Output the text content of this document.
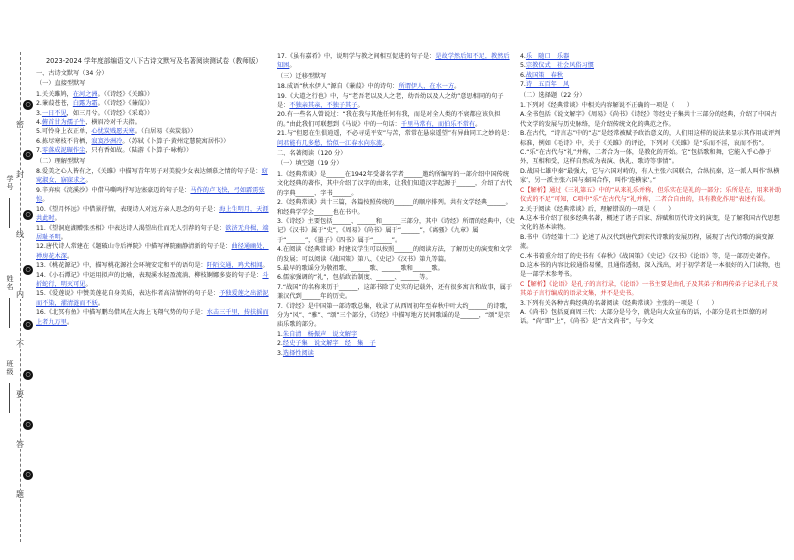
密
封
线
内
不
要
答
题
○
○
○
○
○
○
○
○
学号
姓名
班级
2023-2024 学年度部编语文八下古诗文默写及名著阅读测试卷（教师版）

一、古诗文默写（34 分）

（一）直接型默写

1.关关雎鸠，在河之洲。（《诗经》《关雎》）

2.蒹葭苍苍，白露为霜。（《诗经》《蒹葭》）

3.一日不见，如三月兮。（《诗经》《采葛》）

4.俯首甘为孺子牛，横眉冷对千夫指。

5.可怜身上衣正单，心忧炭贱愿天寒。（白居易《卖炭翁》）

6.拣尽寒枝不肯栖，寂寞沙洲冷。（苏轼《卜算子·黄州定慧院寓居作》）

7.零落成泥碾作尘，只有香如故。（陆游《卜算子·咏梅》）

（二）理解型默写

8.爱美之心人皆有之，《关雎》中描写青年男子对美貌少女表达倾慕之情的句子是：窈窕淑女，寤寐求之。

9.辛弃疾《浣溪沙》中借马嘶鸣抒写边塞豪迈的句子是：马作的卢飞快，弓如霹雳弦惊。

10.《望月怀远》中借景抒情，表现诗人对远方亲人思念的句子是：海上生明月，天涯共此时。

11.《望洞庭湖赠张丞相》中表达诗人渴望出仕而无人引荐的句子是：欲济无舟楫，端居耻圣明。

12.唐代诗人常建在《题破山寺后禅院》中描写禅院幽静清新的句子是：曲径通幽处，禅房花木深。

13.《桃花源记》中，描写桃花源社会环境安定和平的语句是：阡陌交通，鸡犬相闻。

14.《小石潭记》中运用拟声的比喻，表现溪水轻盈流淌、柳枝婀娜多姿的句子是：斗折蛇行，明灭可见。

15.《爱莲说》中赞美莲花自身美质，表达作者高洁情怀的句子是：予独爱莲之出淤泥而不染，濯清涟而不妖。

16.《北冥有鱼》中描写鹏鸟借风在大海上飞翔气势的句子是：水击三千里，抟扶摇而上者九万里。

17.《虽有嘉肴》中，说明学与教之间相互促进的句子是：是故学然后知不足，教然后知困。

（三）迁移型默写

18.成语“秋水伊人”源自《蒹葭》中的诗句：所谓伊人，在水一方。

19.《大道之行也》中，与“老吾老以及人之老，幼吾幼以及人之幼”意思相同的句子是：不独亲其亲，不独子其子。

20.有一些名人曾说过：“我在我与其他任何有我，而是对全人类的不衰都应该负担的。”由此我们可联想到《马说》中的一句话：千里马常有，而伯乐不常有。

21.与“但愿在生俱逍遥，不必寻觅平安”与苦，常常在悬泉遥望”有异曲同工之妙的是：问君能有几多愁，恰似一江春水向东流。

二、名著阅读（120 分）

（一）填空题（19 分）

1.《经典常谈》是______在1942年受著名学者______邀约所编写的一部介绍中国传统文化经典的著作，其中介绍了汉字的由来，让我们知道汉字起源于______，介绍了古代的字典______、字书______。

2.《经典常谈》共十三篇，各篇按照传统的______的顺序排列。共有文学经典______。和经典学学会______也在书中。

3.《诗经》主要包括______、______和______三部分，其中《诗经》所谓的经典中，《史记》《汉书》属于“史”，《周易》《尚书》属于“______”，《离骚》《九章》属于“______”，《墨子》《四书》属于“______”。

4.在阅读《经典常谈》时建议学生可以按照______的阅读方法，了解历史的演变和文学的发展；可以阅读《战国策》第八、《史记》《汉书》第九等篇。

5.最早的歌谣分为敬祖歌、______歌、______歌和______歌。

6.儒家强调的“礼”，包括政治制度、______、______等。

7.“战国”的名称来历于______，这部书除了史实的记载外，还有很多寓言和故事，属于兼汉代到______年的历史。

7.《诗经》是中国第一部诗歌总集，收录了从西周初年至春秋中叶大约______的诗歌，分为“风”、“雅”、“颂”三个部分，《诗经》中描写地方民间歌谣的是______，“颂”是宗庙乐歌的部分。

1.朱自清　杨振声　说文解字

2.经史子集　说文解字　经　集　子

3.选择性阅读

4.乐　随口　乐器

5.宗教仪式　社会风俗习惯

6.战国策　春秋

7.诗　五百年　风

（二）选择题（22 分）

1.下列对《经典常谈》中相关内容解说不正确的一项是（　　）

A.全书包括《说文解字》《周易》《尚书》《诗经》等经史子集共十三部分的经典，介绍了中国古代文学的发展与历史脉络，是介绍传统文化的典范之作。

B.在古代，“诗言志”中的“志”是经常被赋予政治意义的，人们用这样的说法来显示其作用或评判标准，例如《毛诗》中，关于《关雎》的评论，下列对《关雎》是“乐而不淫，哀而不伤”。

C.“乐”在古代与“礼”并称，二者合为一体，是教化的开始。它“包括歌和舞，它能入乎心静于外，互相和受，这样自然成为表演、执礼、歌诗等事情”。

D.战国七雄中秦“最强大，它与六国对峙的，有人主张六国联合，合纵抗秦，这一派人叫作‘纵横家’，另一派主张六国与秦国合作，叫作‘连横家’。”

C【解析】通过《三礼第五》中的“从来礼乐并称，但乐实在是礼的一部分；乐所是在，用来补助仪式的不足”可知，C项中“乐”在古代与“礼并称，二者合自由的，具有教化作用”表述有误。

2.关于阅读《经典常谈》后，理解错误的一项是（　　）

A.这本书介绍了很多经典名著，概述了诸子百家、辞赋和历代诗文的演变，是了解我国古代思想文化的基本读物。

B.书中《诗经第十二》论述了从汉代到唐代到宋代诗歌的发展历程，展现了古代诗歌的演变源流。

C.本书着重介绍了的史书有《春秋》《战国策》《史记》《汉书》《论语》等，是一部历史著作。

D.这本书的内容比较通俗易懂，且通俗透彻，深入浅出，对于初学者是一本很好的入门读物，也是一部学术参考书。

C【解析】《论语》是孔子的言行录，《论语》一书主要是由孔子及其弟子和再传弟子记录孔子及其弟子言行编成的语录文集，并不是史书。

3.下列有关各种古典经典的名著阅读《经典常谈》主张的一项是（　　）

A.《尚书》包括夏商周三代：大部分是号令，就是向大众宣布的话，小部分是君主臣僚的对话。“尚”即“上”，《尚书》是“古文尚书”，与今文
